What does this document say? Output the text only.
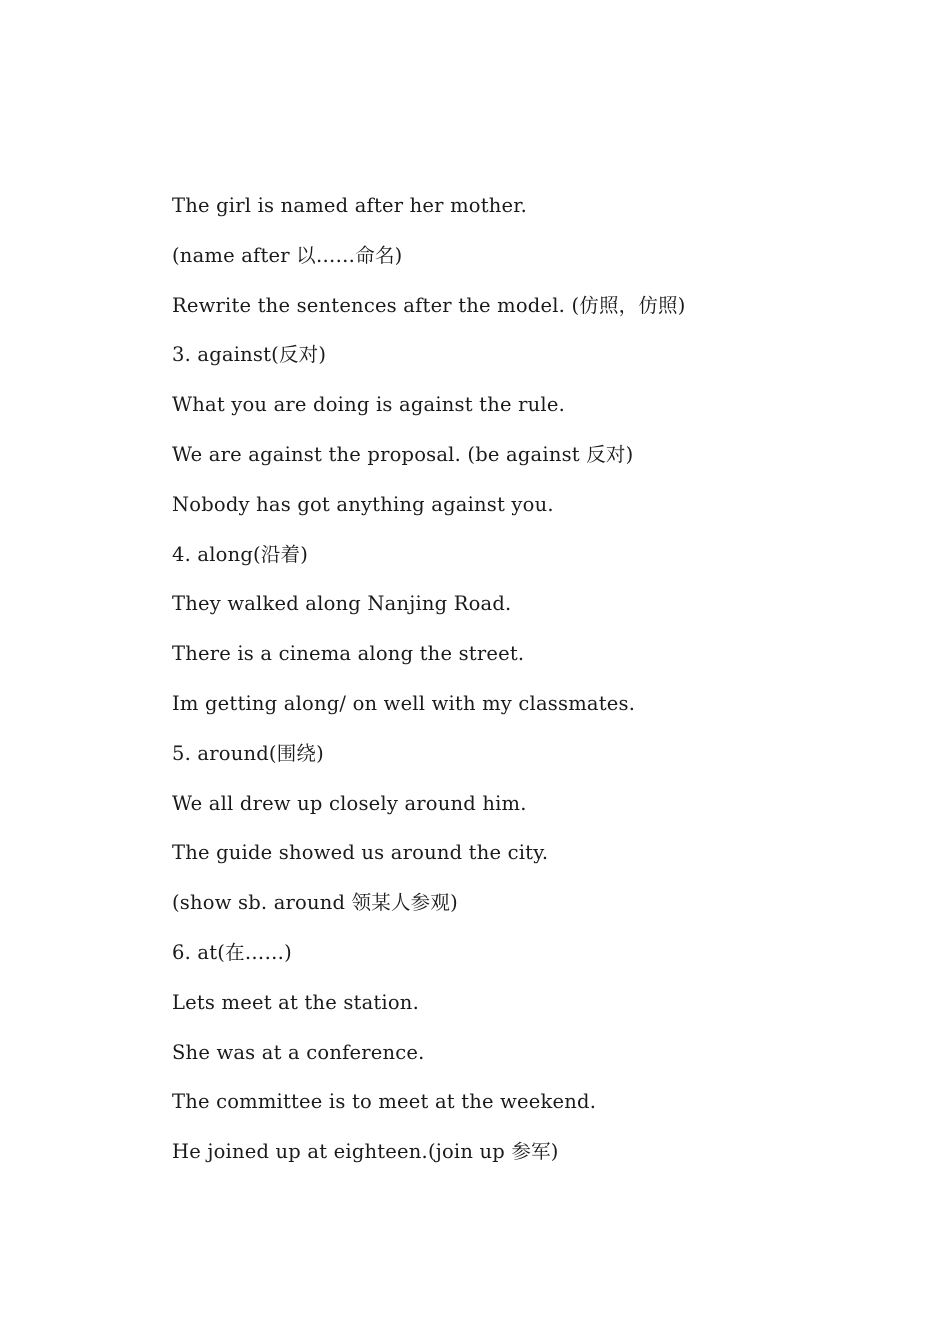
The girl is named after her mother.
(name after 以……命名)
Rewrite the sentences after the model. (仿照，仿照)
3. against(反对)
What you are doing is against the rule.
We are against the proposal. (be against 反对)
Nobody has got anything against you.
4. along(沿着)
They walked along Nanjing Road.
There is a cinema along the street.
Im getting along/ on well with my classmates.
5. around(围绕)
We all drew up closely around him.
The guide showed us around the city.
(show sb. around 领某人参观)
6. at(在……)
Lets meet at the station.
She was at a conference.
The committee is to meet at the weekend.
He joined up at eighteen.(join up 参军)
